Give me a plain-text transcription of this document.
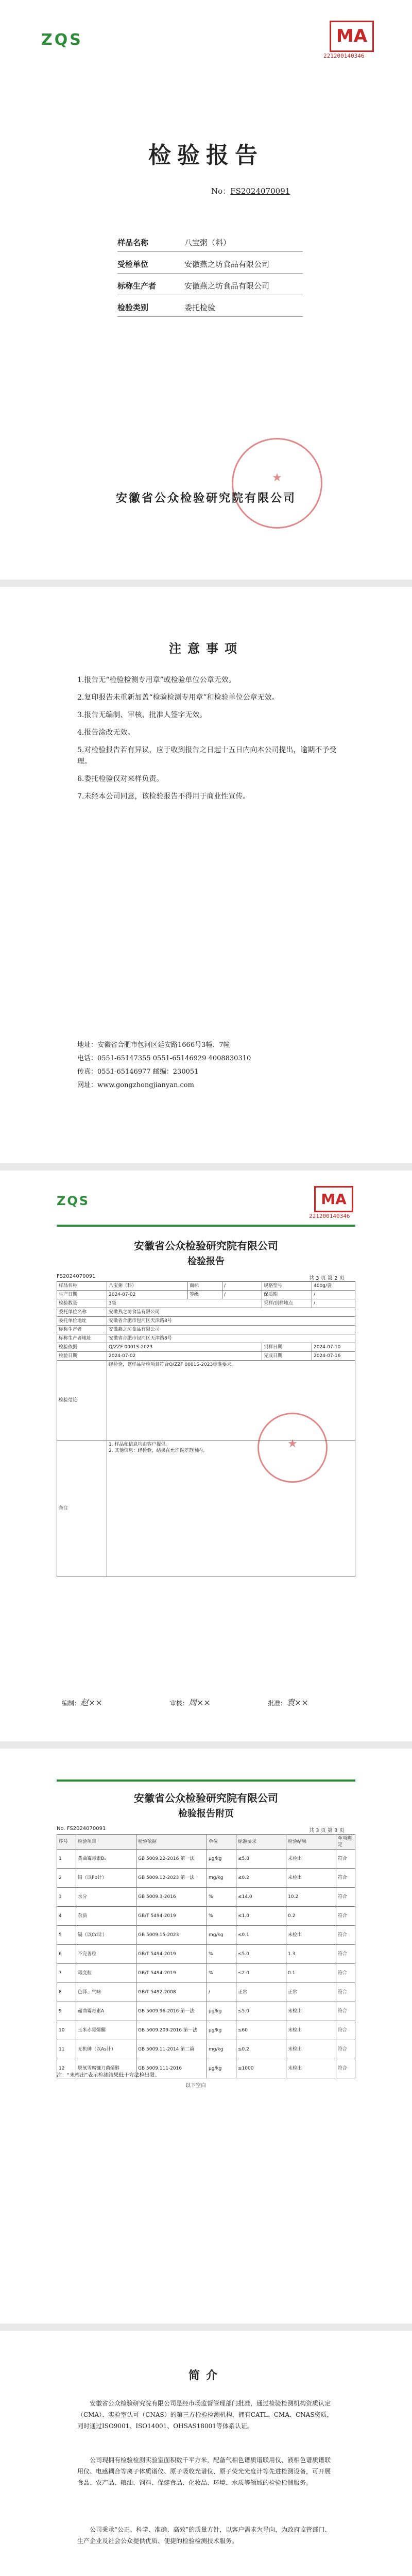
ZQS	MA
221200140346
检验报告
No：FS2024070091
样品名称	八宝粥（料）
受检单位	安徽燕之坊食品有限公司
标称生产者	安徽燕之坊食品有限公司
检验类别	委托检验
★
安徽省公众检验研究院有限公司
注意事项
1.报告无“检验检测专用章”或检验单位公章无效。
2.复印报告未重新加盖“检验检测专用章”和检验单位公章无效。
3.报告无编制、审核、批准人签字无效。
4.报告涂改无效。
5.对检验报告若有异议，应于收到报告之日起十五日内向本公司提出，逾期不予受理。
6.委托检验仅对来样负责。
7.未经本公司同意，该检验报告不得用于商业性宣传。
地址：安徽省合肥市包河区延安路1666号3幢、7幢
电话：0551-65147355 0551-65146929 4008830310
传真：0551-65146977 邮编：230051
网址：www.gongzhongjianyan.com
ZQS	MA
221200140346
安徽省公众检验研究院有限公司
检验报告
FS2024070091	共 3 页 第 2 页
样品名称	八宝粥（料）	商标	/	规格型号	400g/袋
生产日期	2024-07-02	等级	/	保质期	/
检验数量	3袋			采样/到样地点	/
委托单位名称	安徽燕之坊食品有限公司				
委托单位地址	安徽省合肥市包河区天津路8号				
标称生产者	安徽燕之坊食品有限公司				
标称生产者地址	安徽省合肥市包河区天津路8号				
检验依据	Q/ZZF 0001S-2023			到样日期	2024-07-10
检验日期	2024-07-02			完成日期	2024-07-16
检验结论	经检验，该样品所检项目符合Q/ZZF 0001S-2023标准要求。				
备注	1. 样品和信息均由客户提供。
2. 其他信息：经检验，结果在允许误差范围内。				
★
编制：赵××	审核：周××	批准：袁××
安徽省公众检验研究院有限公司
检验报告附页
No. FS2024070091	共 3 页 第 3 页
序号	检验项目	检验依据	单位	标准要求	检验结果	单项判定
1	黄曲霉毒素B₁	GB 5009.22-2016 第一法	μg/kg	≤5.0	未检出	符合
2	铅（以Pb计）	GB 5009.12-2023 第一法	mg/kg	≤0.2	未检出	符合
3	水分	GB 5009.3-2016	%	≤14.0	10.2	符合
4	杂质	GB/T 5494-2019	%	≤1.0	0.2	符合
5	镉（以Cd计）	GB 5009.15-2023	mg/kg	≤0.1	未检出	符合
6	不完善粒	GB/T 5494-2019	%	≤5.0	1.3	符合
7	霉变粒	GB/T 5494-2019	%	≤2.0	0.1	符合
8	色泽、气味	GB/T 5492-2008	/	正常	正常	符合
9	赭曲霉毒素A	GB 5009.96-2016 第一法	μg/kg	≤5.0	未检出	符合
10	玉米赤霉烯酮	GB 5009.209-2016 第一法	μg/kg	≤60	未检出	符合
11	无机砷（以As计）	GB 5009.11-2014 第二篇	mg/kg	≤0.2	未检出	符合
12	脱氧雪腐镰刀菌烯醇	GB 5009.111-2016	μg/kg	≤1000	未检出	符合
注：“未检出”表示检测结果低于方法检出限。
以下空白
简介
安徽省公众检验研究院有限公司是经市场监督管理部门批准，通过检验检测机构资质认定（CMA）、实验室认可（CNAS）的第三方检验检测机构，拥有CATL、CMA、CNAS资质，同时通过ISO9001、ISO14001、OHSAS18001等体系认证。
公司现拥有检验检测实验室面积数千平方米，配备气相色谱质谱联用仪、液相色谱质谱联用仪、电感耦合等离子体质谱仪、原子吸收光谱仪、原子荧光光度计等先进检测设备，可开展食品、农产品、粮油、饲料、保健食品、化妆品、环境、水质等领域的检验检测服务。
公司秉承“公正、科学、准确、高效”的质量方针，以客户需求为导向，为政府监管部门、生产企业及社会公众提供优质、便捷的检验检测技术服务。
